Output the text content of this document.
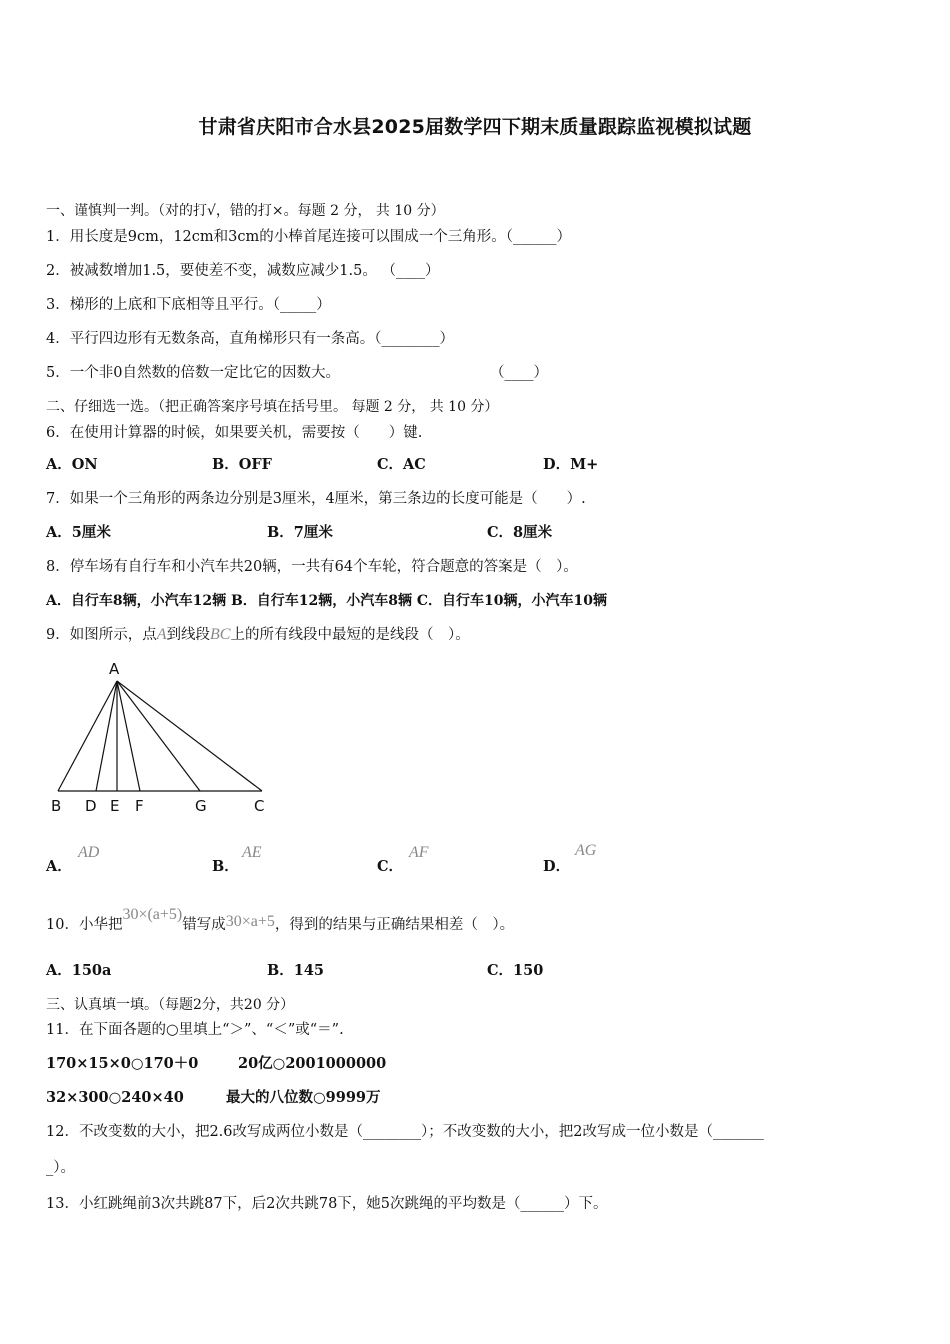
甘肃省庆阳市合水县2025届数学四下期末质量跟踪监视模拟试题
一、谨慎判一判。（对的打√，错的打×。每题 2 分， 共 10 分）
1．用长度是9cm，12cm和3cm的小棒首尾连接可以围成一个三角形。（______）
2．被减数增加1.5，要使差不变，减数应减少1.5。 （____）
3．梯形的上底和下底相等且平行。（_____）
4．平行四边形有无数条高，直角梯形只有一条高。（________）
5．一个非0自然数的倍数一定比它的因数大。	（____）
二、仔细选一选。（把正确答案序号填在括号里。 每题 2 分， 共 10 分）
6．在使用计算器的时候，如果要关机，需要按（　　）键.
A．ON	B．OFF	C．AC	D．M+
7．如果一个三角形的两条边分别是3厘米，4厘米，第三条边的长度可能是（　　）.
A．5厘米	B．7厘米	C．8厘米
8．停车场有自行车和小汽车共20辆，一共有64个车轮，符合题意的答案是（　）。
A．自行车8辆，小汽车12辆 B．自行车12辆，小汽车8辆 C．自行车10辆，小汽车10辆
9．如图所示，点A到线段BC上的所有线段中最短的是线段（　）。
A
B D E F	G	C
A．
AD
B．
AE
C．
AF
D．
AG
10．小华把30×(a+5)错写成30×a+5，得到的结果与正确结果相差（　）。
A．150a	B．145	C．150
三、认真填一填。（每题2分，共20 分）
11．在下面各题的○里填上“＞”、“＜”或“＝”.
170×15×0○170＋0	20亿○2001000000
32×300○240×40	最大的八位数○9999万
12．不改变数的大小，把2.6改写成两位小数是（________）；不改变数的大小，把2改写成一位小数是（_______
_）。
13．小红跳绳前3次共跳87下，后2次共跳78下，她5次跳绳的平均数是（______）下。
